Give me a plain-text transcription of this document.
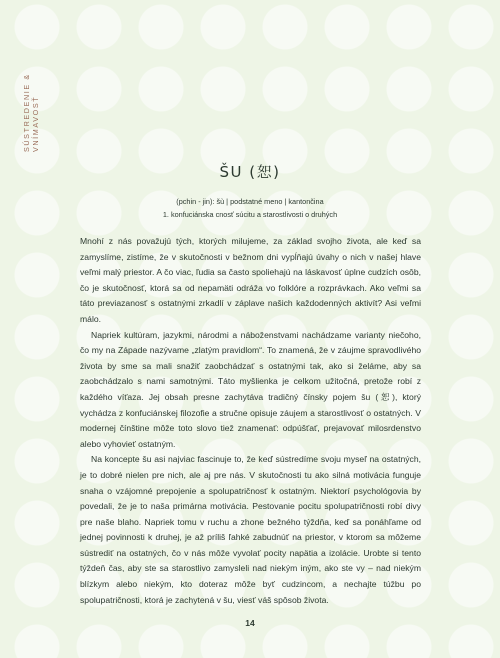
SÚSTREDENIE & VNÍMAVOSŤ
ŠU (恕)
(pchin - jin): šù | podstatné meno | kantončina
1. konfuciánska cnosť súcitu a starostlivosti o druhých

Mnohí z nás považujú tých, ktorých milujeme, za základ svojho života, ale keď sa zamyslíme, zistíme, že v skutočnosti v bežnom dni vypĺňajú úvahy o nich v našej hlave veľmi malý priestor. A čo viac, ľudia sa často spoliehajú na láskavosť úplne cudzích osôb, čo je skutočnosť, ktorá sa od nepamäti odráža vo folklóre a rozprávkach. Ako veľmi sa táto previazanosť s ostatnými zrkadlí v záplave našich každodenných aktivít? Asi veľmi málo.

Napriek kultúram, jazykmi, národmi a náboženstvami nachádzame varianty niečoho, čo my na Západe nazývame „zlatým pravidlom“. To znamená, že v záujme spravodlivého života by sme sa mali snažiť zaobchádzať s ostatnými tak, ako si želáme, aby sa zaobchádzalo s nami samotnými. Táto myšlienka je celkom užitočná, pretože robí z každého víťaza. Jej obsah presne zachytáva tradičný čínsky pojem šu (恕), ktorý vychádza z konfuciánskej filozofie a stručne opisuje záujem a starostlivosť o ostatných. V modernej čínštine môže toto slovo tiež znamenať: odpúšťať, prejavovať milosrdenstvo alebo vyhovieť ostatným.

Na koncepte šu asi najviac fascinuje to, že keď sústredíme svoju myseľ na ostatných, je to dobré nielen pre nich, ale aj pre nás. V skutočnosti tu ako silná motivácia funguje snaha o vzájomné prepojenie a spolupatričnosť k ostatným. Niektorí psychológovia by povedali, že je to naša primárna motivácia. Pestovanie pocitu spolupatričnosti robí divy pre naše blaho. Napriek tomu v ruchu a zhone bežného týždňa, keď sa ponáhľame od jednej povinnosti k druhej, je až príliš ľahké zabudnúť na priestor, v ktorom sa môžeme sústrediť na ostatných, čo v nás môže vyvolať pocity napätia a izolácie. Urobte si tento týždeň čas, aby ste sa starostlivo zamysleli nad niekým iným, ako ste vy – nad niekým blízkym alebo niekým, kto doteraz môže byť cudzincom, a nechajte túžbu po spolupatričnosti, ktorá je zachytená v šu, viesť váš spôsob života.

14
